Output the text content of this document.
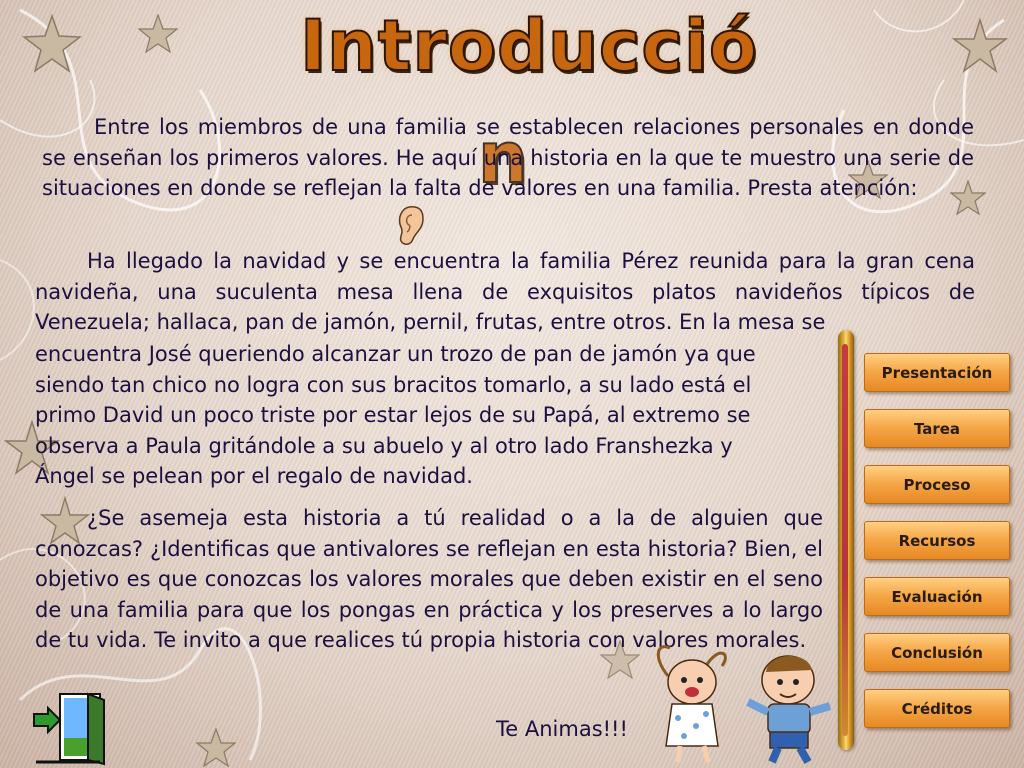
Introducció
n
Entre los miembros de una familia se establecen relaciones personales en donde se enseñan los primeros valores. He aquí una historia en la que te muestro una serie de situaciones en donde se reflejan la falta de valores en una familia. Presta atención:
Ha llegado la navidad y se encuentra la familia Pérez reunida para la gran cena navideña, una suculenta mesa llena de exquisitos platos navideños típicos de Venezuela; hallaca, pan de jamón, pernil, frutas, entre otros. En la mesa se
encuentra José queriendo alcanzar un trozo de pan de jamón ya que siendo tan chico no logra con sus bracitos tomarlo, a su lado está el primo David un poco triste por estar lejos de su Papá, al extremo se observa a Paula gritándole a su abuelo y al otro lado Franshezka y Ángel se pelean por el regalo de navidad.
¿Se asemeja esta historia a tú realidad o a la de alguien que conozcas? ¿Identificas que antivalores se reflejan en esta historia? Bien, el objetivo es que conozcas los valores morales que deben existir en el seno de una familia para que los pongas en práctica y los preserves a lo largo de tu vida. Te invito a que realices tú propia historia con valores morales.
Te Animas!!!
Presentación
Tarea
Proceso
Recursos
Evaluación
Conclusión
Créditos
